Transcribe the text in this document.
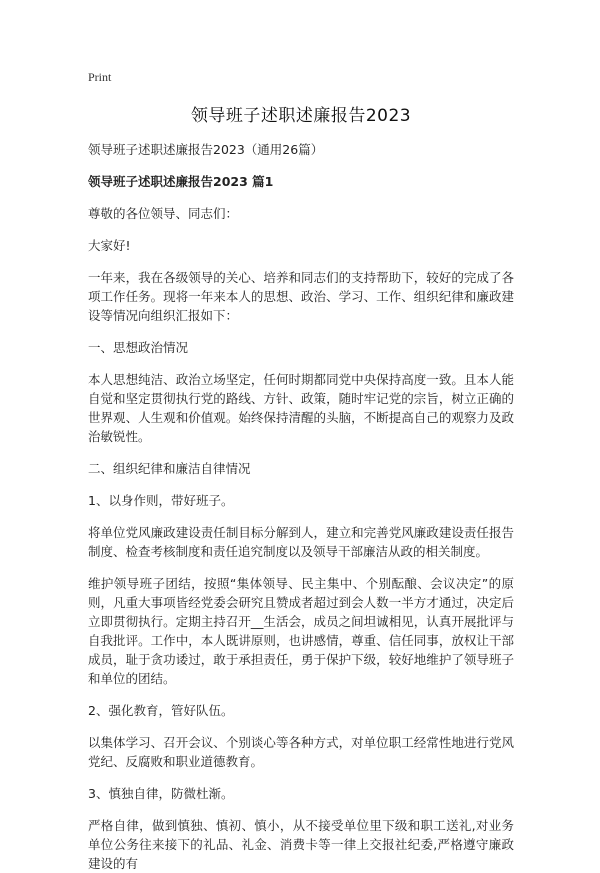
Print
领导班子述职述廉报告2023
领导班子述职述廉报告2023（通用26篇）
领导班子述职述廉报告2023 篇1
尊敬的各位领导、同志们：
大家好!
一年来，我在各级领导的关心、培养和同志们的支持帮助下，较好的完成了各项工作任务。现将一年来本人的思想、政治、学习、工作、组织纪律和廉政建设等情况向组织汇报如下：
一、思想政治情况
本人思想纯洁、政治立场坚定，任何时期都同党中央保持高度一致。且本人能自觉和坚定贯彻执行党的路线、方针、政策，随时牢记党的宗旨，树立正确的世界观、人生观和价值观。始终保持清醒的头脑，不断提高自己的观察力及政治敏锐性。
二、组织纪律和廉洁自律情况
1、以身作则，带好班子。
将单位党风廉政建设责任制目标分解到人，建立和完善党风廉政建设责任报告制度、检查考核制度和责任追究制度以及领导干部廉洁从政的相关制度。
维护领导班子团结，按照“集体领导、民主集中、个别酝酿、会议决定”的原则，凡重大事项皆经党委会研究且赞成者超过到会人数一半方才通过，决定后立即贯彻执行。定期主持召开__生活会，成员之间坦诚相见，认真开展批评与自我批评。工作中，本人既讲原则，也讲感情，尊重、信任同事，放权让干部成员，耻于贪功诿过，敢于承担责任，勇于保护下级，较好地维护了领导班子和单位的团结。
2、强化教育，管好队伍。
以集体学习、召开会议、个别谈心等各种方式，对单位职工经常性地进行党风党纪、反腐败和职业道德教育。
3、慎独自律，防微杜渐。
严格自律，做到慎独、慎初、慎小，从不接受单位里下级和职工送礼,对业务单位公务往来接下的礼品、礼金、消费卡等一律上交报社纪委,严格遵守廉政建设的有
